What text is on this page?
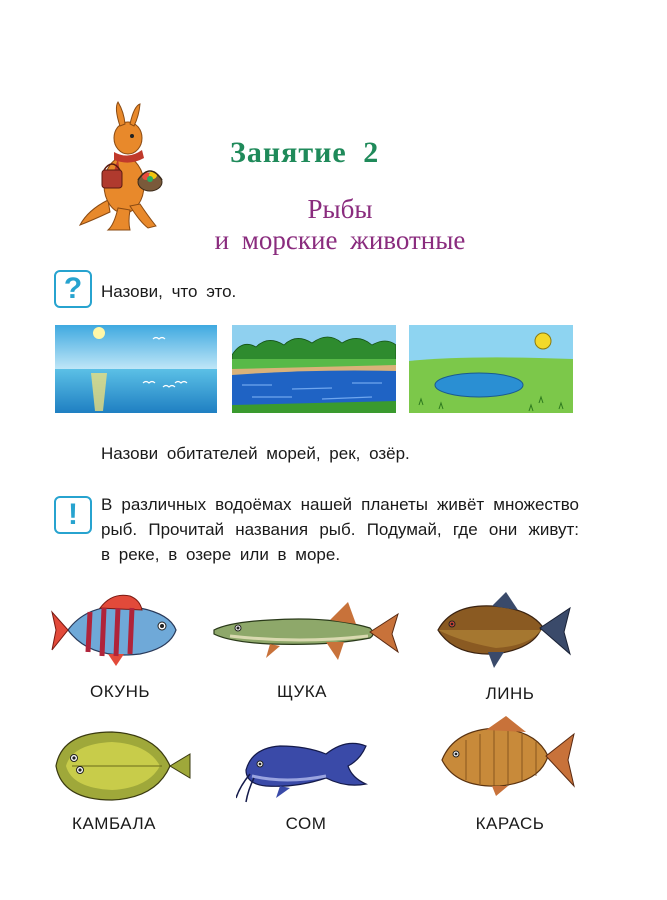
Занятие 2
Рыбы
и морские животные
?	Назови, что это.
Назови обитателей морей, рек, озёр.
!	В различных водоёмах нашей планеты живёт множество рыб. Прочитай названия рыб. Подумай, где они живут: в реке, в озере или в море.
ОКУНЬ	ЩУКА	ЛИНЬ
КАМБАЛА	СОМ	КАРАСЬ
